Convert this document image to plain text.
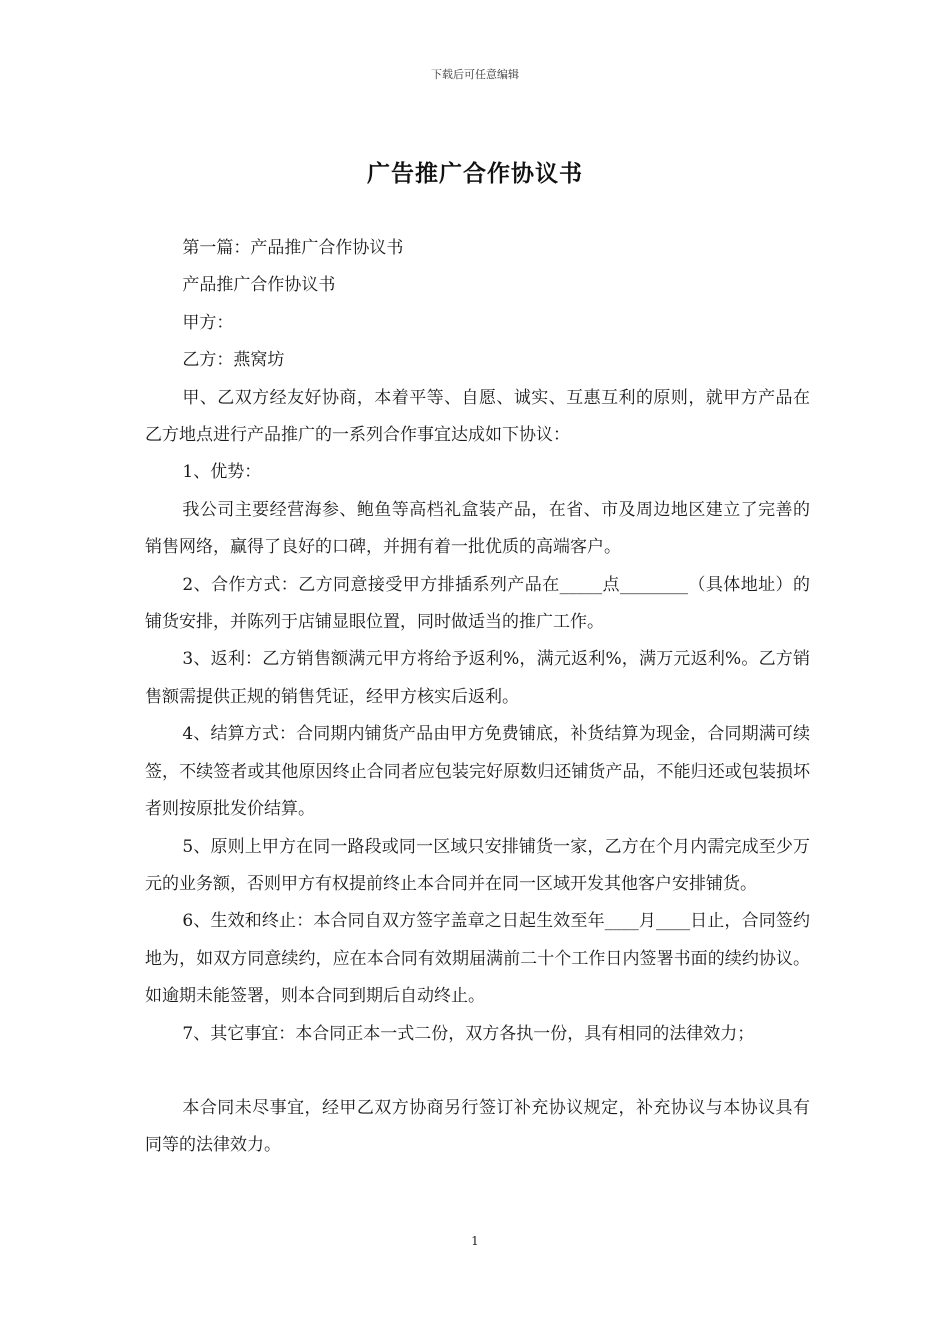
下载后可任意编辑
广告推广合作协议书

第一篇：产品推广合作协议书

产品推广合作协议书

甲方：

乙方：燕窝坊

甲、乙双方经友好协商，本着平等、自愿、诚实、互惠互利的原则，就甲方产品在乙方地点进行产品推广的一系列合作事宜达成如下协议：

1、优势：

我公司主要经营海参、鲍鱼等高档礼盒装产品，在省、市及周边地区建立了完善的销售网络，赢得了良好的口碑，并拥有着一批优质的高端客户。

2、合作方式：乙方同意接受甲方排插系列产品在_____点________（具体地址）的铺货安排，并陈列于店铺显眼位置，同时做适当的推广工作。

3、返利：乙方销售额满元甲方将给予返利%，满元返利%，满万元返利%。乙方销售额需提供正规的销售凭证，经甲方核实后返利。

4、结算方式：合同期内铺货产品由甲方免费铺底，补货结算为现金，合同期满可续签，不续签者或其他原因终止合同者应包装完好原数归还铺货产品，不能归还或包装损坏者则按原批发价结算。

5、原则上甲方在同一路段或同一区域只安排铺货一家，乙方在个月内需完成至少万元的业务额，否则甲方有权提前终止本合同并在同一区域开发其他客户安排铺货。

6、生效和终止：本合同自双方签字盖章之日起生效至年____月____日止，合同签约地为，如双方同意续约，应在本合同有效期届满前二十个工作日内签署书面的续约协议。如逾期未能签署，则本合同到期后自动终止。

7、其它事宜：本合同正本一式二份，双方各执一份，具有相同的法律效力；

本合同未尽事宜，经甲乙双方协商另行签订补充协议规定，补充协议与本协议具有同等的法律效力。

1
